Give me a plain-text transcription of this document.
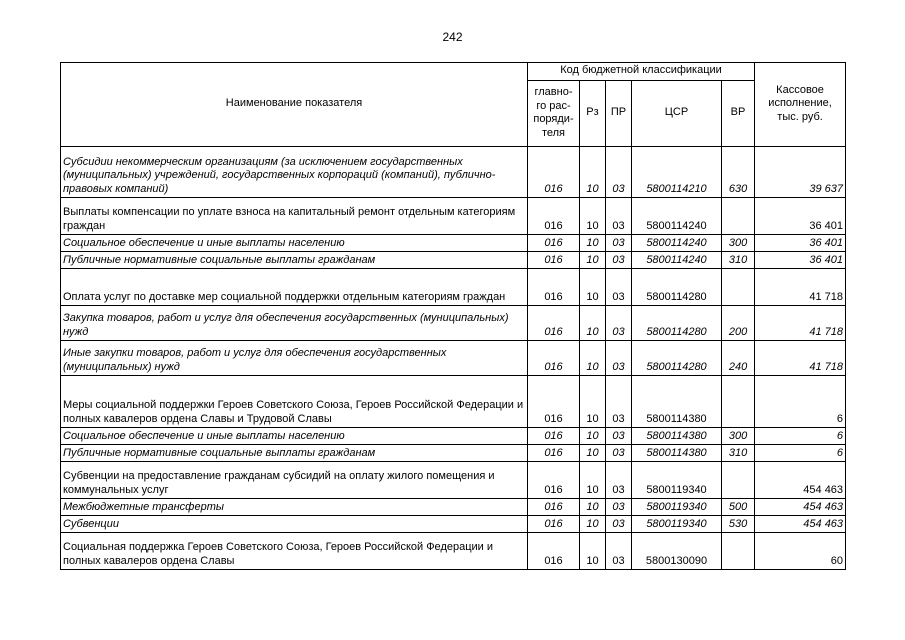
242
Наименование показателя	Код бюджетной классификации					Кассовое исполнение, тыс. руб.
	главно-го рас-поряди-теля	Рз	ПР	ЦСР	ВР	
Субсидии некоммерческим организациям (за исключением государственных (муниципальных) учреждений, государственных корпораций (компаний), публично-правовых компаний)	016	10	03	5800114210	630	39 637
Выплаты компенсации по уплате взноса на капитальный ремонт отдельным категориям граждан	016	10	03	5800114240		36 401
Социальное обеспечение и иные выплаты населению	016	10	03	5800114240	300	36 401
Публичные нормативные социальные выплаты гражданам	016	10	03	5800114240	310	36 401
Оплата услуг по доставке мер социальной поддержки отдельным категориям граждан	016	10	03	5800114280		41 718
Закупка товаров, работ и услуг для обеспечения государственных (муниципальных) нужд	016	10	03	5800114280	200	41 718
Иные закупки товаров, работ и услуг для обеспечения государственных (муниципальных) нужд	016	10	03	5800114280	240	41 718
Меры социальной поддержки Героев Советского Союза, Героев Российской Федерации и полных кавалеров ордена Славы и Трудовой Славы	016	10	03	5800114380		6
Социальное обеспечение и иные выплаты населению	016	10	03	5800114380	300	6
Публичные нормативные социальные выплаты гражданам	016	10	03	5800114380	310	6
Субвенции на предоставление гражданам субсидий на оплату жилого помещения и коммунальных услуг	016	10	03	5800119340		454 463
Межбюджетные трансферты	016	10	03	5800119340	500	454 463
Субвенции	016	10	03	5800119340	530	454 463
Социальная поддержка Героев Советского Союза, Героев Российской Федерации и полных кавалеров ордена Славы	016	10	03	5800130090		60
